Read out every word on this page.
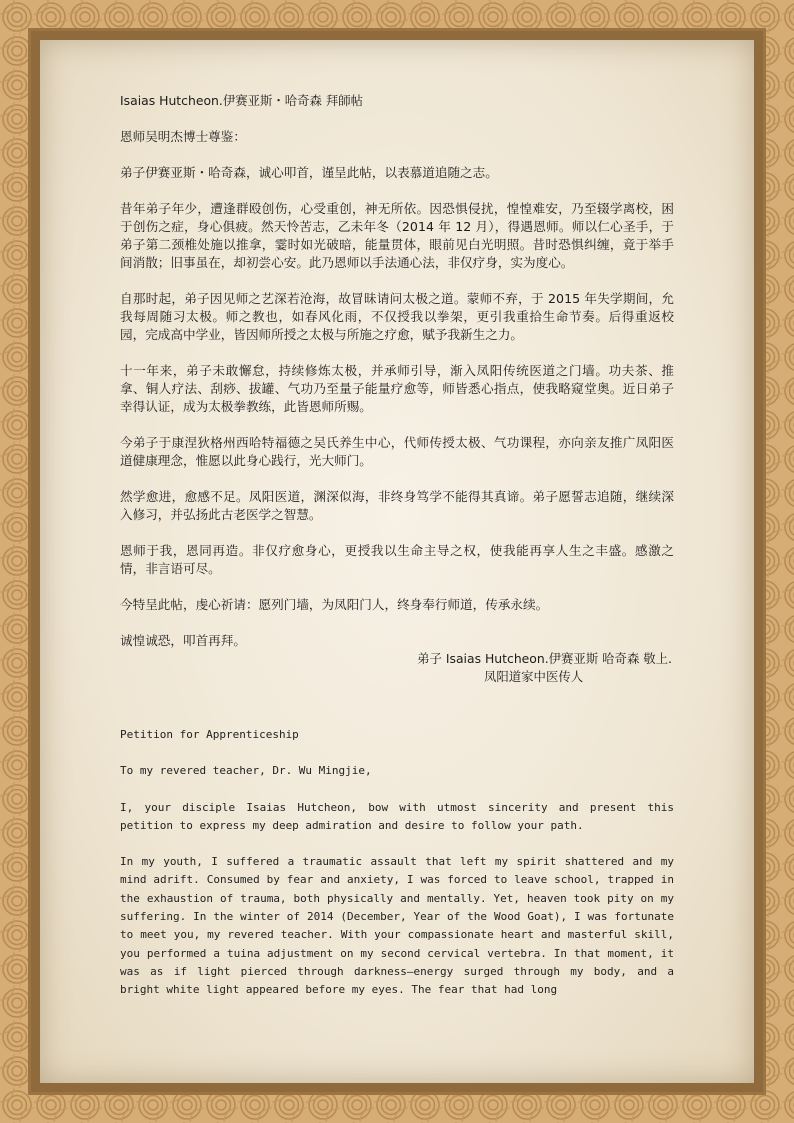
Isaias Hutcheon.伊赛亚斯・哈奇森 拜師帖

恩师吴明杰博士尊鉴：

弟子伊赛亚斯・哈奇森，诚心叩首，谨呈此帖，以表慕道追随之志。

昔年弟子年少，遭逢群殴创伤，心受重创，神无所依。因恐惧侵扰，惶惶难安，乃至辍学离校，困于创伤之症，身心俱疲。然天怜苦志，乙未年冬（2014 年 12 月），得遇恩师。师以仁心圣手，于弟子第二颈椎处施以推拿，霎时如光破暗，能量贯体，眼前见白光明照。昔时恐惧纠缠，竟于举手间消散；旧事虽在，却初尝心安。此乃恩师以手法通心法，非仅疗身，实为度心。

自那时起，弟子因见师之艺深若沧海，故冒昧请问太极之道。蒙师不弃，于 2015 年失学期间，允我每周随习太极。师之教也，如春风化雨，不仅授我以拳架，更引我重拾生命节奏。后得重返校园，完成高中学业，皆因师所授之太极与所施之疗愈，赋予我新生之力。

十一年来，弟子未敢懈怠，持续修炼太极，并承师引导，渐入凤阳传统医道之门墙。功夫茶、推拿、铜人疗法、刮痧、拔罐、气功乃至量子能量疗愈等，师皆悉心指点，使我略窥堂奥。近日弟子幸得认证，成为太极拳教练，此皆恩师所赐。

今弟子于康涅狄格州西哈特福德之吴氏养生中心，代师传授太极、气功课程，亦向亲友推广凤阳医道健康理念，惟愿以此身心践行，光大师门。

然学愈进，愈感不足。凤阳医道，渊深似海，非终身笃学不能得其真谛。弟子愿誓志追随，继续深入修习，并弘扬此古老医学之智慧。

恩师于我，恩同再造。非仅疗愈身心，更授我以生命主导之权，使我能再享人生之丰盛。感激之情，非言语可尽。

今特呈此帖，虔心祈请：愿列门墙，为凤阳门人，终身奉行师道，传承永续。

诚惶诚恐，叩首再拜。

弟子 Isaias Hutcheon.伊赛亚斯 哈奇森 敬上.

凤阳道家中医传人

Petition for Apprenticeship

To my revered teacher, Dr. Wu Mingjie,

I, your disciple Isaias Hutcheon, bow with utmost sincerity and present this petition to express my deep admiration and desire to follow your path.

In my youth, I suffered a traumatic assault that left my spirit shattered and my mind adrift. Consumed by fear and anxiety, I was forced to leave school, trapped in the exhaustion of trauma, both physically and mentally. Yet, heaven took pity on my suffering. In the winter of 2014 (December, Year of the Wood Goat), I was fortunate to meet you, my revered teacher. With your compassionate heart and masterful skill, you performed a tuina adjustment on my second cervical vertebra. In that moment, it was as if light pierced through darkness—energy surged through my body, and a bright white light appeared before my eyes. The fear that had long
